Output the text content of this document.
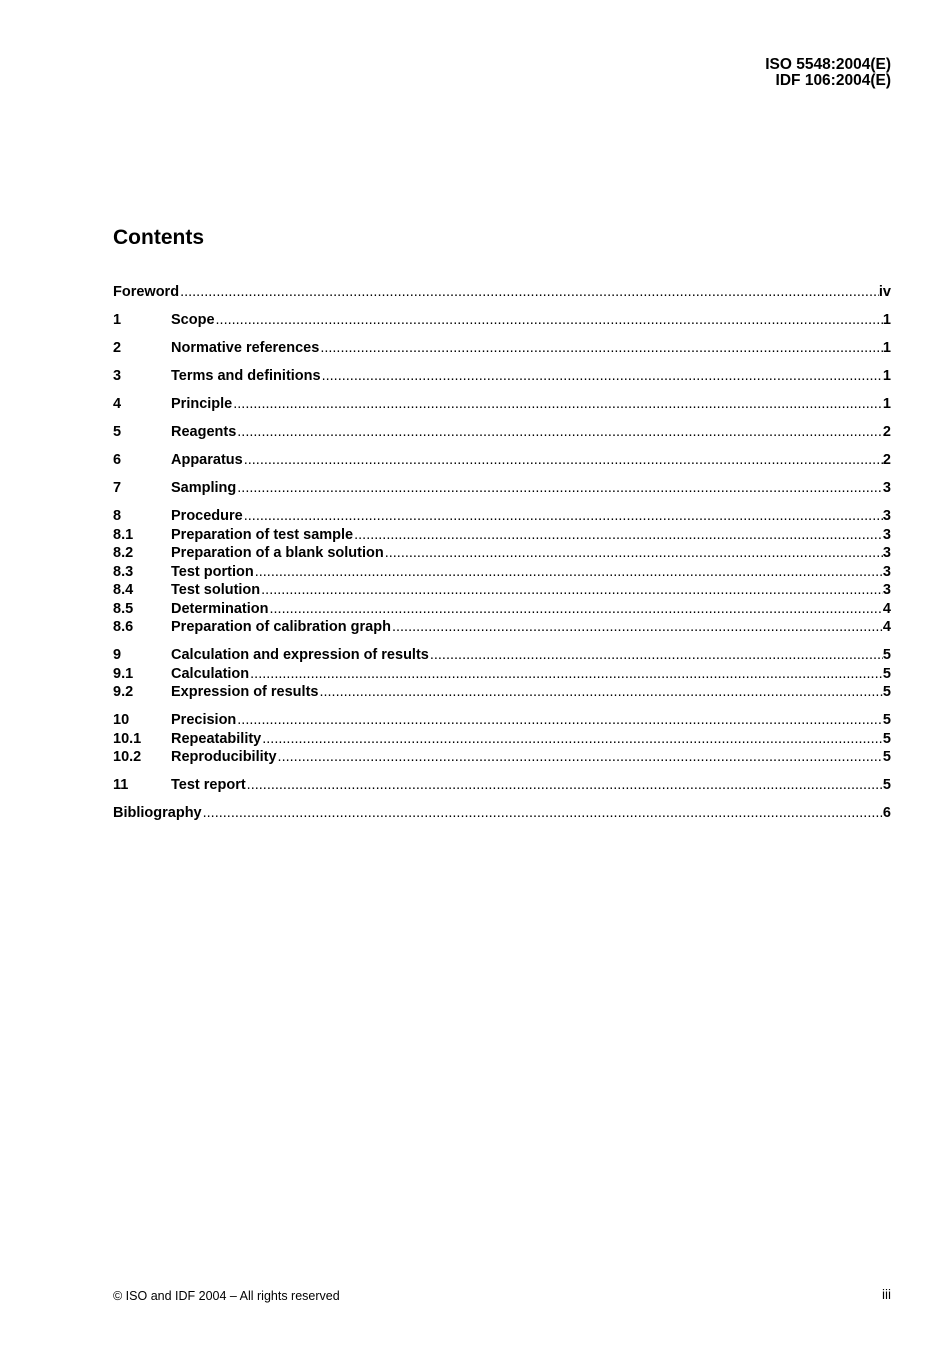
ISO 5548:2004(E)
IDF 106:2004(E)
Contents
Foreword .....	iv
1	Scope .....	1
2	Normative references .....	1
3	Terms and definitions .....	1
4	Principle .....	1
5	Reagents .....	2
6	Apparatus .....	2
7	Sampling .....	3
8	Procedure .....	3
8.1	Preparation of test sample .....	3
8.2	Preparation of a blank solution .....	3
8.3	Test portion .....	3
8.4	Test solution .....	3
8.5	Determination .....	4
8.6	Preparation of calibration graph .....	4
9	Calculation and expression of results .....	5
9.1	Calculation .....	5
9.2	Expression of results .....	5
10	Precision .....	5
10.1	Repeatability .....	5
10.2	Reproducibility .....	5
11	Test report .....	5
Bibliography .....	6
© ISO and IDF 2004 – All rights reserved	iii
